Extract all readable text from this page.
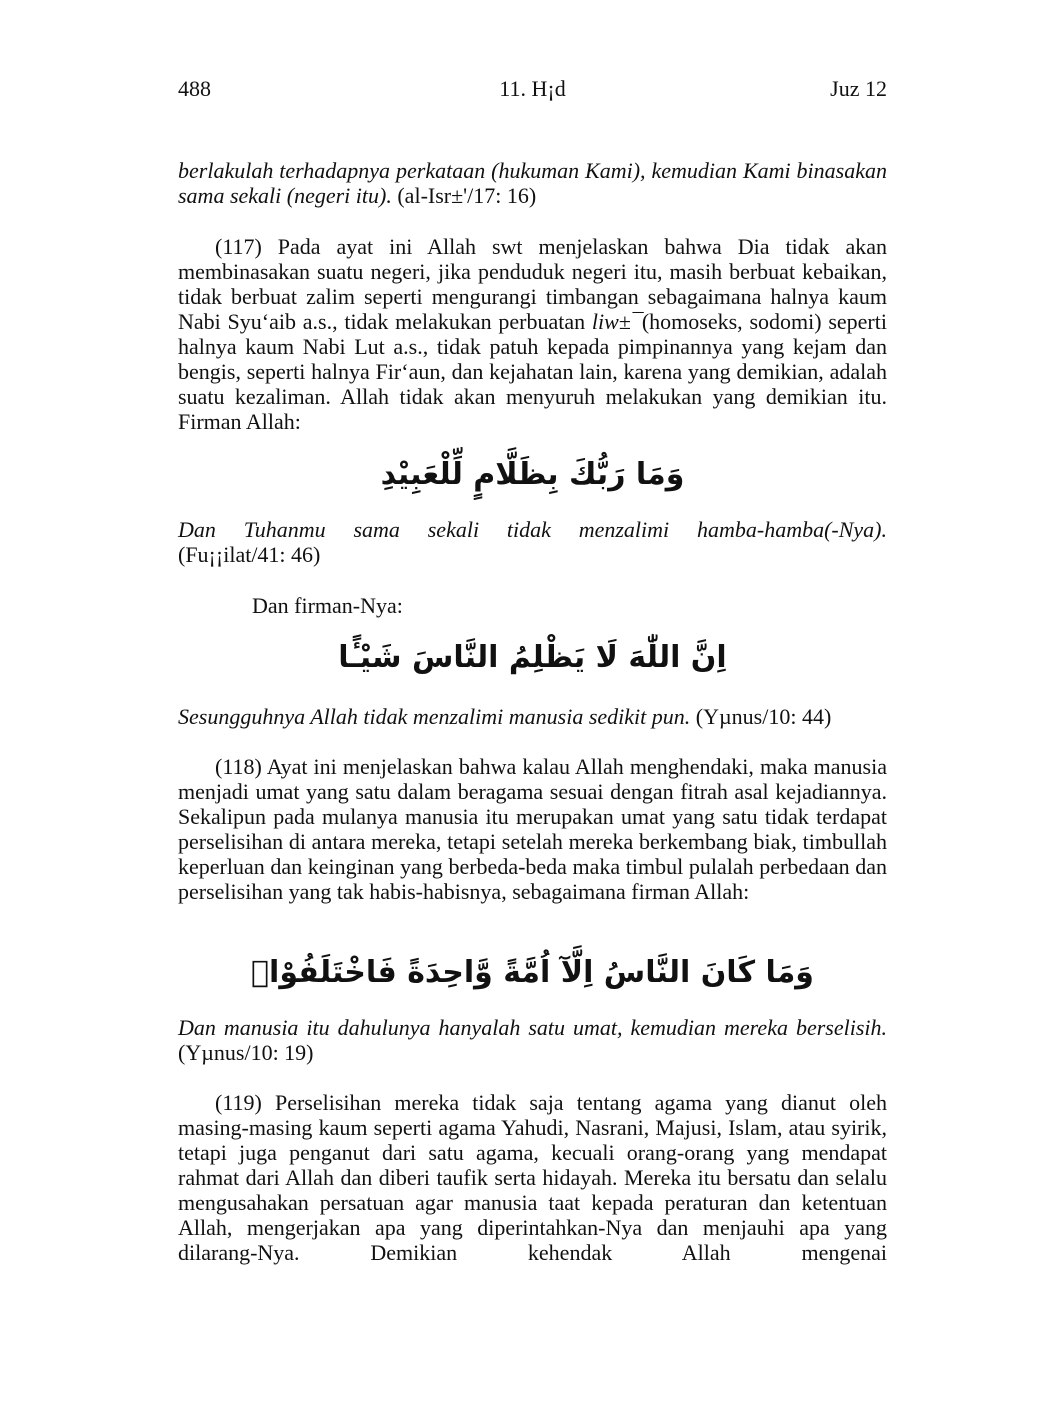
488	11. H¡d	Juz 12

berlakulah terhadapnya perkataan (hukuman Kami), kemudian Kami binasakan sama sekali (negeri itu). (al-Isr±'/17: 16)

(117) Pada ayat ini Allah swt menjelaskan bahwa Dia tidak akan membinasakan suatu negeri, jika penduduk negeri itu, masih berbuat kebaikan, tidak berbuat zalim seperti mengurangi timbangan sebagaimana halnya kaum Nabi Syu‘aib a.s., tidak melakukan perbuatan liw±¯(homoseks, sodomi) seperti halnya kaum Nabi Lut a.s., tidak patuh kepada pimpinannya yang kejam dan bengis, seperti halnya Fir‘aun, dan kejahatan lain, karena yang demikian, adalah suatu kezaliman. Allah tidak akan menyuruh melakukan yang demikian itu. Firman Allah:

وَمَا رَبُّكَ بِظَلَّامٍ لِّلْعَبِيْدِ

Dan Tuhanmu sama sekali tidak menzalimi hamba-hamba(-Nya).
(Fu¡¡ilat/41: 46)

Dan firman-Nya:
اِنَّ اللّٰهَ لَا يَظْلِمُ النَّاسَ شَيْـًٔا

Sesungguhnya Allah tidak menzalimi manusia sedikit pun. (Yµnus/10: 44)

(118) Ayat ini menjelaskan bahwa kalau Allah menghendaki, maka manusia menjadi umat yang satu dalam beragama sesuai dengan fitrah asal kejadiannya. Sekalipun pada mulanya manusia itu merupakan umat yang satu tidak terdapat perselisihan di antara mereka, tetapi setelah mereka berkembang biak, timbullah keperluan dan keinginan yang berbeda-beda maka timbul pulalah perbedaan dan perselisihan yang tak habis-habisnya, sebagaimana firman Allah:

وَمَا كَانَ النَّاسُ اِلَّآ اُمَّةً وَّاحِدَةً فَاخْتَلَفُوْاۗ

Dan manusia itu dahulunya hanyalah satu umat, kemudian mereka berselisih.
(Yµnus/10: 19)

(119) Perselisihan mereka tidak saja tentang agama yang dianut oleh masing-masing kaum seperti agama Yahudi, Nasrani, Majusi, Islam, atau syirik, tetapi juga penganut dari satu agama, kecuali orang-orang yang mendapat rahmat dari Allah dan diberi taufik serta hidayah. Mereka itu bersatu dan selalu mengusahakan persatuan agar manusia taat kepada peraturan dan ketentuan Allah, mengerjakan apa yang diperintahkan-Nya dan menjauhi apa yang dilarang-Nya. Demikian kehendak Allah mengenai
